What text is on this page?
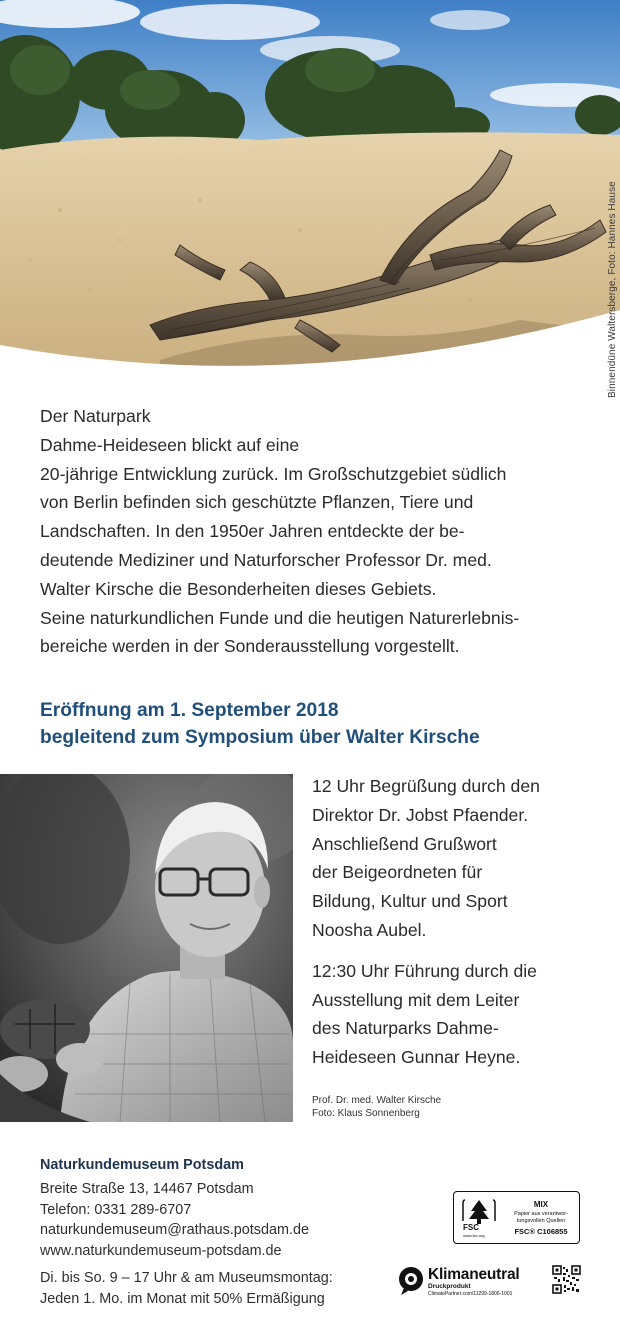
Binnendüne Waltersberge, Foto: Hannes Hause

Der Naturpark

Dahme-Heideseen blickt auf eine

20-jährige Entwicklung zurück. Im Großschutzgebiet südlich

von Berlin befinden sich geschützte Pflanzen, Tiere und

Landschaften. In den 1950er Jahren entdeckte der be-

deutende Mediziner und Naturforscher Professor Dr. med.

Walter Kirsche die Besonderheiten dieses Gebiets.

Seine naturkundlichen Funde und die heutigen Naturerlebnis-

bereiche werden in der Sonderausstellung vorgestellt.

Eröffnung am 1. September 2018
begleitend zum Symposium über Walter Kirsche

12 Uhr Begrüßung durch den

Direktor Dr. Jobst Pfaender.

Anschließend Grußwort

der Beigeordneten für

Bildung, Kultur und Sport

Noosha Aubel.

12:30 Uhr Führung durch die

Ausstellung mit dem Leiter

des Naturparks Dahme-

Heideseen Gunnar Heyne.

Prof. Dr. med. Walter Kirsche
Foto: Klaus Sonnenberg
Naturkundemuseum Potsdam
Breite Straße 13, 14467 Potsdam
Telefon: 0331 289-6707
naturkundemuseum@rathaus.potsdam.de
www.naturkundemuseum-potsdam.de
Di. bis So. 9 – 17 Uhr & am Museumsmontag:
Jeden 1. Mo. im Monat mit 50% Ermäßigung
FSC
www.fsc.org
MIX
Papier aus verantwor-tungsvollen Quellen
FSC® C106855
Klimaneutral
Druckprodukt
ClimatePartner.com/11299-1806-1001
